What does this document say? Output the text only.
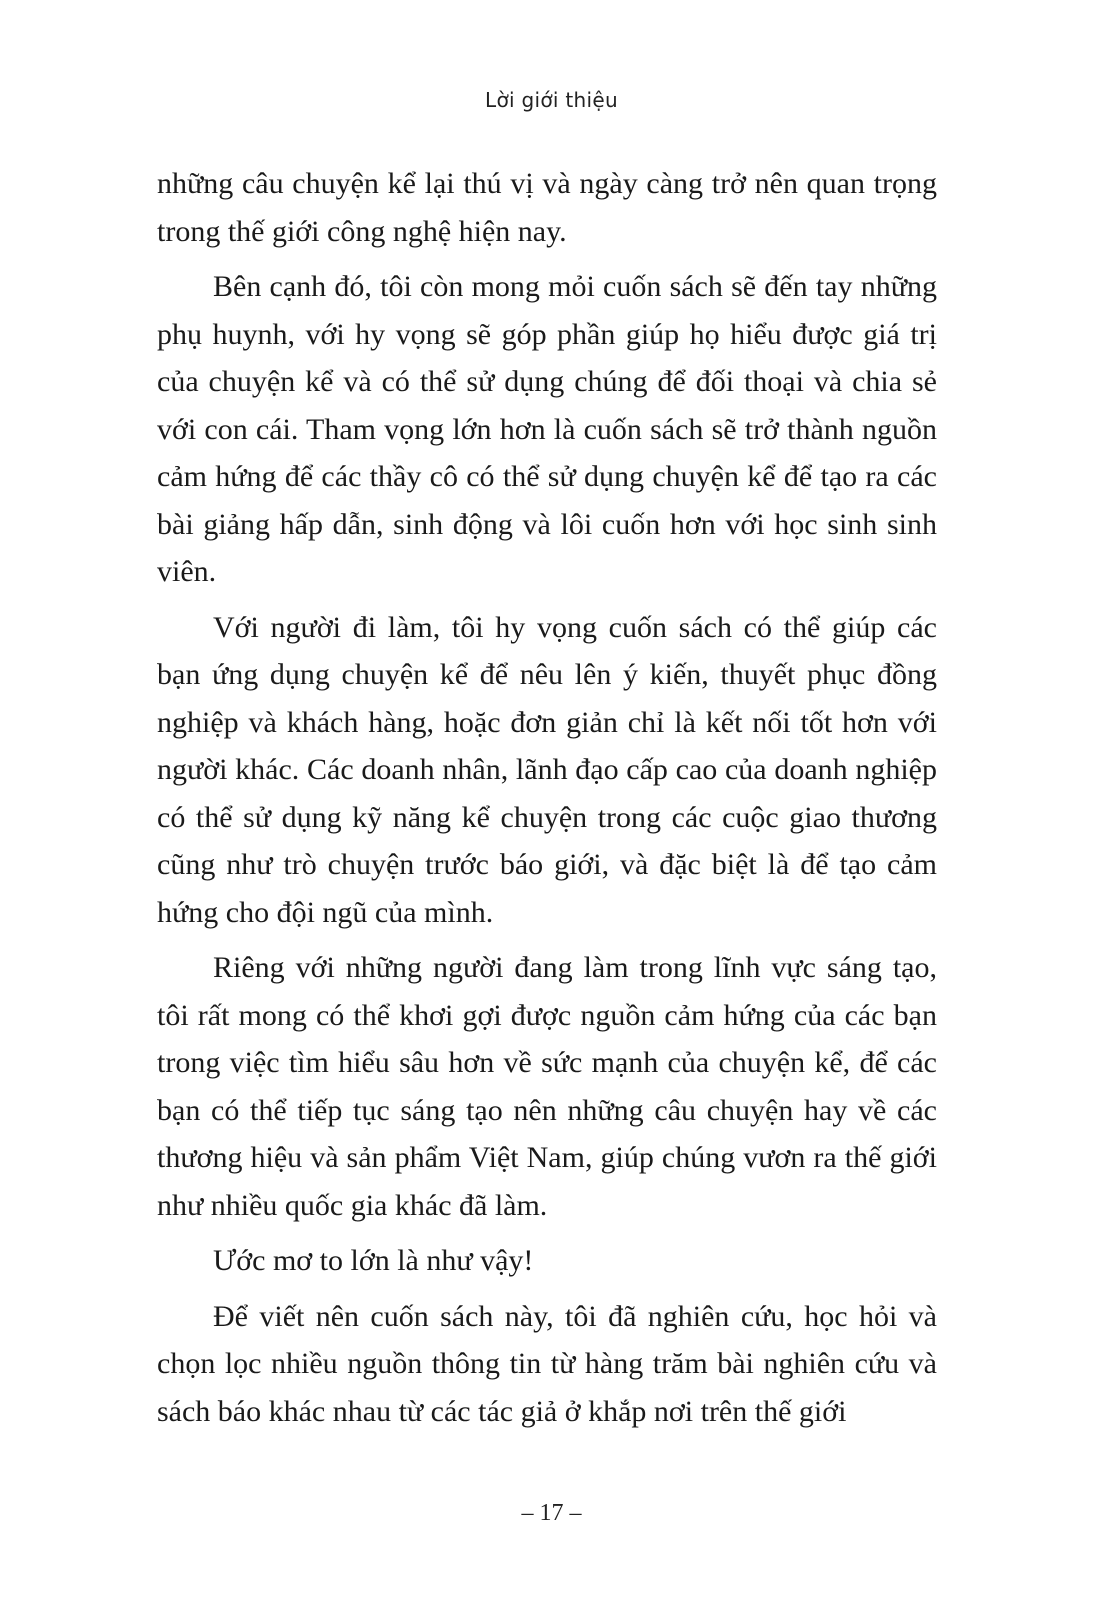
Lời giới thiệu

những câu chuyện kể lại thú vị và ngày càng trở nên quan trọng trong thế giới công nghệ hiện nay.

Bên cạnh đó, tôi còn mong mỏi cuốn sách sẽ đến tay những phụ huynh, với hy vọng sẽ góp phần giúp họ hiểu được giá trị của chuyện kể và có thể sử dụng chúng để đối thoại và chia sẻ với con cái. Tham vọng lớn hơn là cuốn sách sẽ trở thành nguồn cảm hứng để các thầy cô có thể sử dụng chuyện kể để tạo ra các bài giảng hấp dẫn, sinh động và lôi cuốn hơn với học sinh sinh viên.

Với người đi làm, tôi hy vọng cuốn sách có thể giúp các bạn ứng dụng chuyện kể để nêu lên ý kiến, thuyết phục đồng nghiệp và khách hàng, hoặc đơn giản chỉ là kết nối tốt hơn với người khác. Các doanh nhân, lãnh đạo cấp cao của doanh nghiệp có thể sử dụng kỹ năng kể chuyện trong các cuộc giao thương cũng như trò chuyện trước báo giới, và đặc biệt là để tạo cảm hứng cho đội ngũ của mình.

Riêng với những người đang làm trong lĩnh vực sáng tạo, tôi rất mong có thể khơi gợi được nguồn cảm hứng của các bạn trong việc tìm hiểu sâu hơn về sức mạnh của chuyện kể, để các bạn có thể tiếp tục sáng tạo nên những câu chuyện hay về các thương hiệu và sản phẩm Việt Nam, giúp chúng vươn ra thế giới như nhiều quốc gia khác đã làm.

Ước mơ to lớn là như vậy!

Để viết nên cuốn sách này, tôi đã nghiên cứu, học hỏi và chọn lọc nhiều nguồn thông tin từ hàng trăm bài nghiên cứu và sách báo khác nhau từ các tác giả ở khắp nơi trên thế giới

– 17 –
